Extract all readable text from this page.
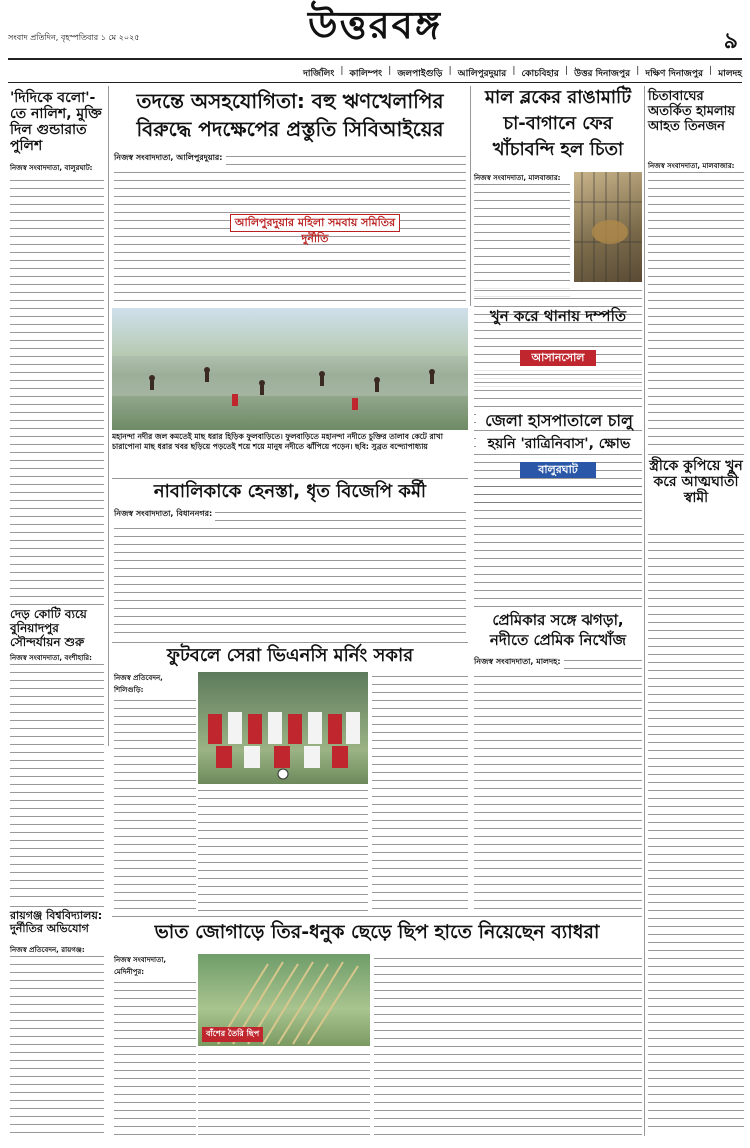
উত্তরবঙ্গ
সংবাদ প্রতিদিন, বৃহস্পতিবার ১ মে ২০২৫	৯
দার্জিলিং | কালিম্পং | জলপাইগুড়ি | আলিপুরদুয়ার | কোচবিহার | উত্তর দিনাজপুর | দক্ষিণ দিনাজপুর | মালদহ
'দিদিকে বলো'-তে নালিশ, মুক্তি দিল গুন্ডারাত পুলিশ
নিজস্ব সংবাদদাতা, বালুরঘাট:
তদন্তে অসহযোগিতা: বহু ঋণখেলাপির
বিরুদ্ধে পদক্ষেপের প্রস্তুতি সিবিআইয়ের
নিজস্ব সংবাদদাতা, আলিপুরদুয়ার:
আলিপুরদুয়ার মহিলা সমবায় সমিতির দুর্নীতি
মাল ব্লকের রাঙামাটি
চা-বাগানে ফের
খাঁচাবন্দি হল চিতা
নিজস্ব সংবাদদাতা, মালবাজার:
চিতাবাঘের অতর্কিত হামলায় আহত তিনজন
নিজস্ব সংবাদদাতা, মালবাজার:
মহানন্দা নদীর জল কমতেই মাছ ধরার হিড়িক ফুলবাড়িতে। ফুলবাড়িতে মহানন্দা নদীতে চুক্তির তালাব কেটে রাখা চারাপোনা মাছ ধরার খবর ছড়িয়ে পড়তেই শয়ে শয়ে মানুষ নদীতে ঝাঁপিয়ে পড়েন। ছবি: সুব্রত বন্দ্যোপাধ্যায়
খুন করে থানায় দম্পতি
আসানসোল
জেলা হাসপাতালে চালু
হয়নি 'রাত্রিনিবাস', ক্ষোভ
বালুরঘাট	স্ত্রীকে কুপিয়ে খুন করে আত্মঘাতী স্বামী
নাবালিকাকে হেনস্তা, ধৃত বিজেপি কর্মী
নিজস্ব সংবাদদাতা, বিধাননগর:
দেড় কোটি ব্যয়ে বুনিয়াদপুর সৌন্দর্যায়ন শুরু
নিজস্ব সংবাদদাতা, বংশীহারি:	ফুটবলে সেরা ভিএনসি মর্নিং সকার
নিজস্ব প্রতিবেদন, শিলিগুড়ি:
প্রেমিকার সঙ্গে ঝগড়া,
নদীতে প্রেমিক নিখোঁজ
নিজস্ব সংবাদদাতা, মালদহ:
রায়গঞ্জ বিশ্ববিদ্যালয়: দুর্নীতির অভিযোগ
নিজস্ব প্রতিবেদন, রায়গঞ্জ:
ভাত জোগাড়ে তির-ধনুক ছেড়ে ছিপ হাতে নিয়েছেন ব্যাধরা
নিজস্ব সংবাদদাতা, মেদিনীপুর:
বাঁশের তৈরি ছিপ
